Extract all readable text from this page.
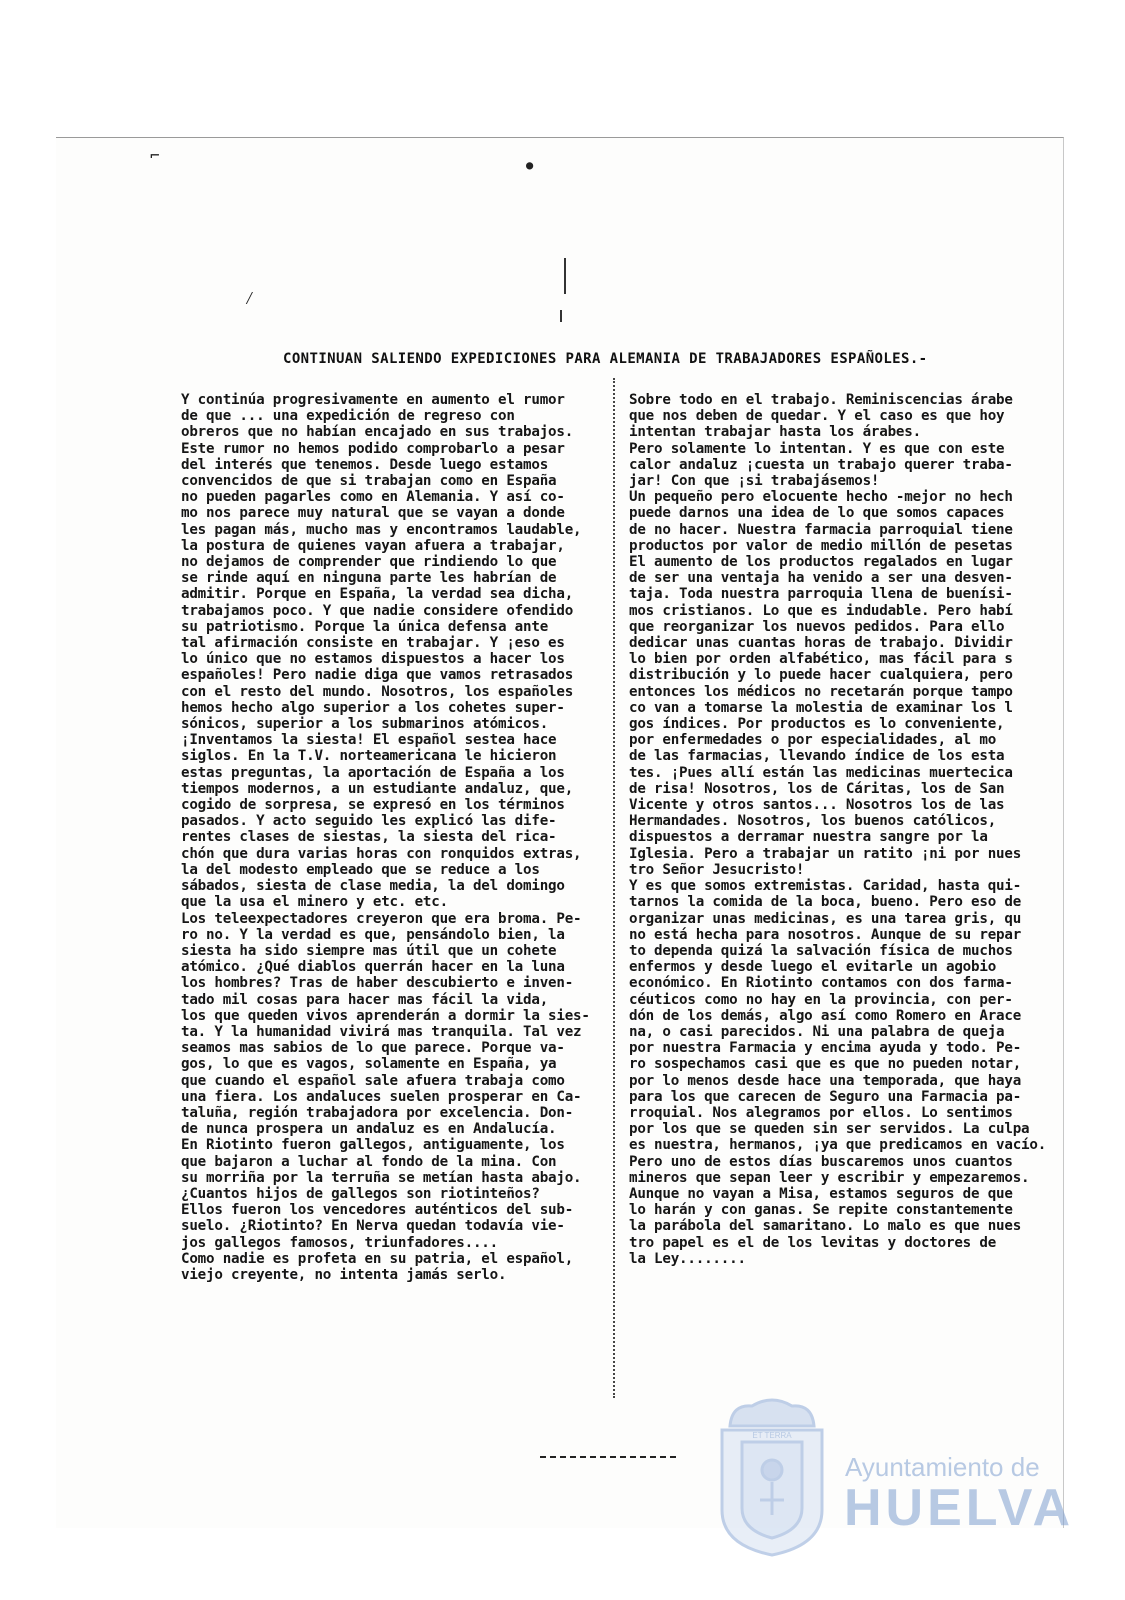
⌐	●
⁄
CONTINUAN SALIENDO EXPEDICIONES PARA ALEMANIA DE TRABAJADORES ESPAÑOLES.-
Y continúa progresivamente en aumento el rumor
de que ... una expedición de regreso con
obreros que no habían encajado en sus trabajos.
Este rumor no hemos podido comprobarlo a pesar
del interés que tenemos. Desde luego estamos
convencidos de que si trabajan como en España
no pueden pagarles como en Alemania. Y así co-
mo nos parece muy natural que se vayan a donde
les pagan más, mucho mas y encontramos laudable,
la postura de quienes vayan afuera a trabajar,
no dejamos de comprender que rindiendo lo que
se rinde aquí en ninguna parte les habrían de
admitir. Porque en España, la verdad sea dicha,
trabajamos poco. Y que nadie considere ofendido
su patriotismo. Porque la única defensa ante
tal afirmación consiste en trabajar. Y ¡eso es
lo único que no estamos dispuestos a hacer los
españoles! Pero nadie diga que vamos retrasados
con el resto del mundo. Nosotros, los españoles
hemos hecho algo superior a los cohetes super-
sónicos, superior a los submarinos atómicos.
¡Inventamos la siesta! El español sestea hace
siglos. En la T.V. norteamericana le hicieron
estas preguntas, la aportación de España a los
tiempos modernos, a un estudiante andaluz, que,
cogido de sorpresa, se expresó en los términos
pasados. Y acto seguido les explicó las dife-
rentes clases de siestas, la siesta del rica-
chón que dura varias horas con ronquidos extras,
la del modesto empleado que se reduce a los
sábados, siesta de clase media, la del domingo
que la usa el minero y etc. etc.
Los teleexpectadores creyeron que era broma. Pe-
ro no. Y la verdad es que, pensándolo bien, la
siesta ha sido siempre mas útil que un cohete
atómico. ¿Qué diablos querrán hacer en la luna
los hombres? Tras de haber descubierto e inven-
tado mil cosas para hacer mas fácil la vida,
los que queden vivos aprenderán a dormir la sies-
ta. Y la humanidad vivirá mas tranquila. Tal vez
seamos mas sabios de lo que parece. Porque va-
gos, lo que es vagos, solamente en España, ya
que cuando el español sale afuera trabaja como
una fiera. Los andaluces suelen prosperar en Ca-
taluña, región trabajadora por excelencia. Don-
de nunca prospera un andaluz es en Andalucía.
En Riotinto fueron gallegos, antiguamente, los
que bajaron a luchar al fondo de la mina. Con
su morriña por la terruña se metían hasta abajo.
¿Cuantos hijos de gallegos son riotinteños?
Ellos fueron los vencedores auténticos del sub-
suelo. ¿Riotinto? En Nerva quedan todavía vie-
jos gallegos famosos, triunfadores....
Como nadie es profeta en su patria, el español,
viejo creyente, no intenta jamás serlo.
Sobre todo en el trabajo. Reminiscencias árabe
que nos deben de quedar. Y el caso es que hoy
intentan trabajar hasta los árabes.
Pero solamente lo intentan. Y es que con este
calor andaluz ¡cuesta un trabajo querer traba-
jar! Con que ¡si trabajásemos!
Un pequeño pero elocuente hecho -mejor no hech
puede darnos una idea de lo que somos capaces
de no hacer. Nuestra farmacia parroquial tiene
productos por valor de medio millón de pesetas
El aumento de los productos regalados en lugar
de ser una ventaja ha venido a ser una desven-
taja. Toda nuestra parroquia llena de buenísi-
mos cristianos. Lo que es indudable. Pero habí
que reorganizar los nuevos pedidos. Para ello
dedicar unas cuantas horas de trabajo. Dividir
lo bien por orden alfabético, mas fácil para s
distribución y lo puede hacer cualquiera, pero
entonces los médicos no recetarán porque tampo
co van a tomarse la molestia de examinar los l
gos índices. Por productos es lo conveniente,
por enfermedades o por especialidades, al mo
de las farmacias, llevando índice de los esta
tes. ¡Pues allí están las medicinas muertecica
de risa! Nosotros, los de Cáritas, los de San
Vicente y otros santos... Nosotros los de las
Hermandades. Nosotros, los buenos católicos,
dispuestos a derramar nuestra sangre por la
Iglesia. Pero a trabajar un ratito ¡ni por nues
tro Señor Jesucristo!
Y es que somos extremistas. Caridad, hasta qui-
tarnos la comida de la boca, bueno. Pero eso de
organizar unas medicinas, es una tarea gris, qu
no está hecha para nosotros. Aunque de su repar
to dependa quizá la salvación física de muchos
enfermos y desde luego el evitarle un agobio
económico. En Riotinto contamos con dos farma-
céuticos como no hay en la provincia, con per-
dón de los demás, algo así como Romero en Arace
na, o casi parecidos. Ni una palabra de queja
por nuestra Farmacia y encima ayuda y todo. Pe-
ro sospechamos casi que es que no pueden notar,
por lo menos desde hace una temporada, que haya
para los que carecen de Seguro una Farmacia pa-
rroquial. Nos alegramos por ellos. Lo sentimos
por los que se queden sin ser servidos. La culpa
es nuestra, hermanos, ¡ya que predicamos en vacío.
Pero uno de estos días buscaremos unos cuantos
mineros que sepan leer y escribir y empezaremos.
Aunque no vayan a Misa, estamos seguros de que
lo harán y con ganas. Se repite constantemente
la parábola del samaritano. Lo malo es que nues
tro papel es el de los levitas y doctores de
la Ley........
ET TERRA
Ayuntamiento de
HUELVA
